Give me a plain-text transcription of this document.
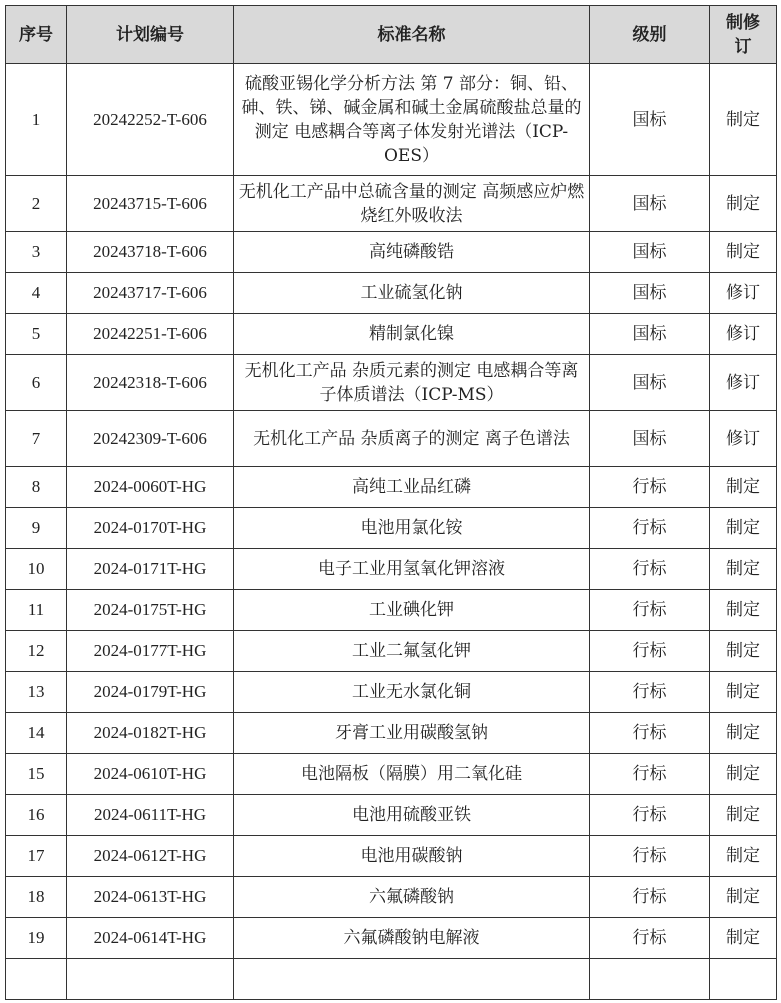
序号	计划编号	标准名称	级别	制修订
1	20242252-T-606	硫酸亚锡化学分析方法 第 7 部分：铜、铅、砷、铁、锑、碱金属和碱土金属硫酸盐总量的测定 电感耦合等离子体发射光谱法（ICP-OES）	国标	制定
2	20243715-T-606	无机化工产品中总硫含量的测定 高频感应炉燃烧红外吸收法	国标	制定
3	20243718-T-606	高纯磷酸锆	国标	制定
4	20243717-T-606	工业硫氢化钠	国标	修订
5	20242251-T-606	精制氯化镍	国标	修订
6	20242318-T-606	无机化工产品 杂质元素的测定 电感耦合等离子体质谱法（ICP-MS）	国标	修订
7	20242309-T-606	无机化工产品 杂质离子的测定 离子色谱法	国标	修订
8	2024-0060T-HG	高纯工业品红磷	行标	制定
9	2024-0170T-HG	电池用氯化铵	行标	制定
10	2024-0171T-HG	电子工业用氢氧化钾溶液	行标	制定
11	2024-0175T-HG	工业碘化钾	行标	制定
12	2024-0177T-HG	工业二氟氢化钾	行标	制定
13	2024-0179T-HG	工业无水氯化铜	行标	制定
14	2024-0182T-HG	牙膏工业用碳酸氢钠	行标	制定
15	2024-0610T-HG	电池隔板（隔膜）用二氧化硅	行标	制定
16	2024-0611T-HG	电池用硫酸亚铁	行标	制定
17	2024-0612T-HG	电池用碳酸钠	行标	制定
18	2024-0613T-HG	六氟磷酸钠	行标	制定
19	2024-0614T-HG	六氟磷酸钠电解液	行标	制定
